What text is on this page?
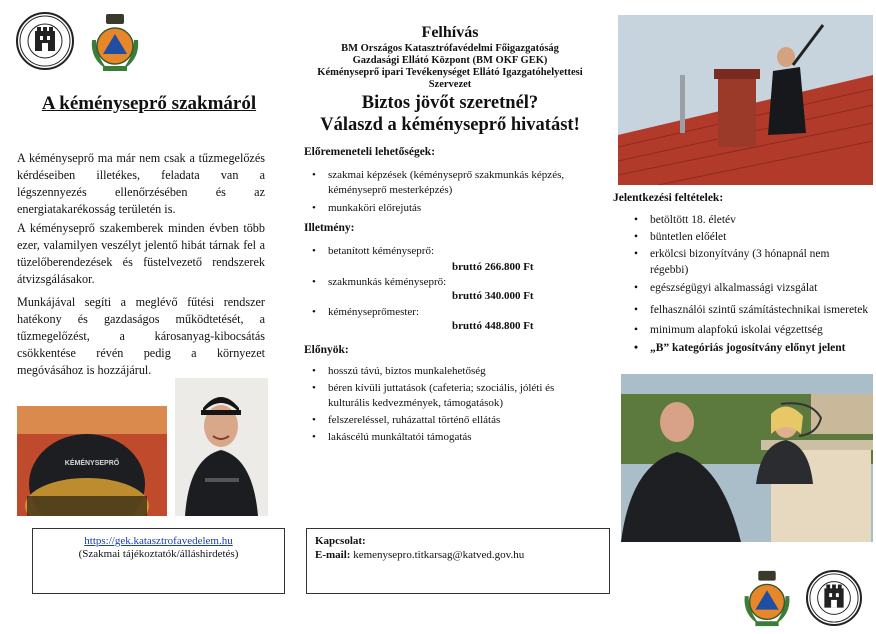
A kéményseprő szakmáról

A kéményseprő ma már nem csak a tűzmegelőzés kérdéseiben illetékes, feladata van a légszennyezés ellenőrzésében és az energiatakarékosság területén is.

A kéményseprő szakemberek minden évben több ezer, valamilyen veszélyt jelentő hibát tárnak fel a tüzelőberendezések és füstelvezető rendszerek átvizsgálásakor.

Munkájával segíti a meglévő fűtési rendszer hatékony és gazdaságos működtetését, a tűzmegelőzést, a károsanyag-kibocsátás csökkentése révén pedig a környezet megóvásához is hozzájárul.

KÉMÉNYSEPRŐ
Felhívás
BM Országos Katasztrófavédelmi Főigazgatóság
Gazdasági Ellátó Központ (BM OKF GEK)
Kéményseprő ipari Tevékenységet Ellátó Igazgatóhelyettesi
Szervezet
Biztos jövőt szeretnél?
Válaszd a kéményseprő hivatást!
Előremeneteli lehetőségek:
• szakmai képzések (kéményseprő szakmunkás képzés, kéményseprő mesterképzés)
• munkaköri előrejutás
Illetmény:
• betanított kéményseprő:
bruttó 266.800 Ft
• szakmunkás kéményseprő:
bruttó 340.000 Ft
• kéményseprőmester:
bruttó 448.800 Ft
Előnyök:
• hosszú távú, biztos munkalehetőség
• béren kívüli juttatások (cafeteria; szociális, jóléti és kulturális kedvezmények, támogatások)
• felszereléssel, ruházattal történő ellátás
• lakáscélú munkáltatói támogatás
Jelentkezési feltételek:
• betöltött 18. életév
• büntetlen előélet
• erkölcsi bizonyítvány (3 hónapnál nem régebbi)
• egészségügyi alkalmassági vizsgálat
• felhasználói szintű számítástechnikai ismeretek
• minimum alapfokú iskolai végzettség
• „B” kategóriás jogosítvány előnyt jelent
https://gek.katasztrofavedelem.hu
(Szakmai tájékoztatók/álláshirdetés)
Kapcsolat:
E-mail: kemenysepro.titkarsag@katved.gov.hu
